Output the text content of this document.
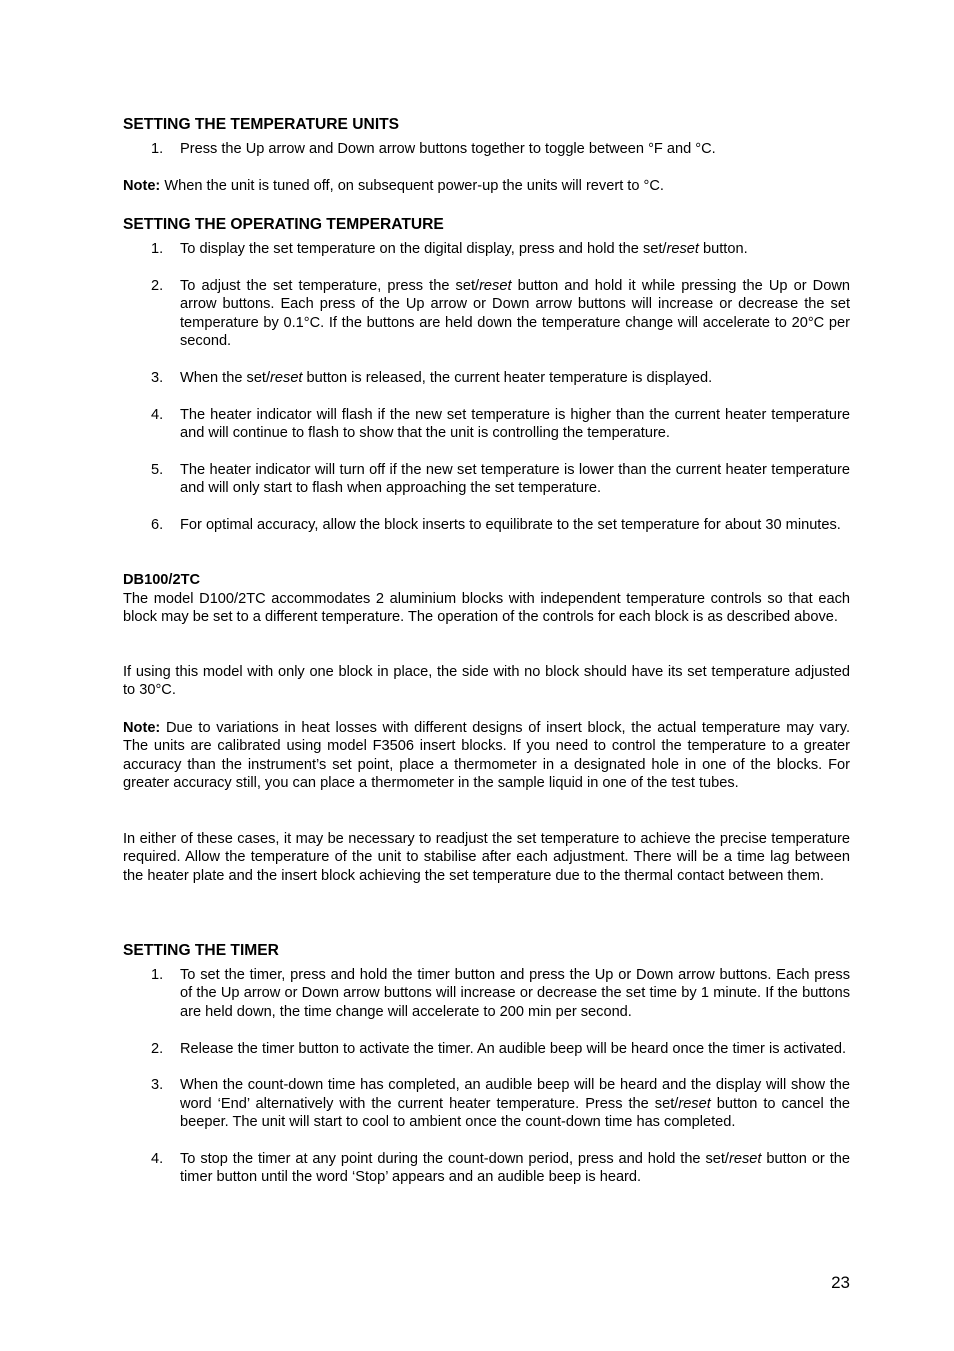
SETTING THE TEMPERATURE UNITS
1. Press the Up arrow and Down arrow buttons together to toggle between °F and °C.

Note: When the unit is tuned off, on subsequent power-up the units will revert to °C.

SETTING THE OPERATING TEMPERATURE
1. To display the set temperature on the digital display, press and hold the set/reset button.
2. To adjust the set temperature, press the set/reset button and hold it while pressing the Up or Down arrow buttons. Each press of the Up arrow or Down arrow buttons will increase or decrease the set temperature by 0.1°C. If the buttons are held down the temperature change will accelerate to 20°C per second.
3. When the set/reset button is released, the current heater temperature is displayed.
4. The heater indicator will flash if the new set temperature is higher than the current heater temperature and will continue to flash to show that the unit is controlling the temperature.
5. The heater indicator will turn off if the new set temperature is lower than the current heater temperature and will only start to flash when approaching the set temperature.
6. For optimal accuracy, allow the block inserts to equilibrate to the set temperature for about 30 minutes.
DB100/2TC

The model D100/2TC accommodates 2 aluminium blocks with independent temperature controls so that each block may be set to a different temperature. The operation of the controls for each block is as described above.

If using this model with only one block in place, the side with no block should have its set temperature adjusted to 30°C.

Note: Due to variations in heat losses with different designs of insert block, the actual temperature may vary. The units are calibrated using model F3506 insert blocks. If you need to control the temperature to a greater accuracy than the instrument’s set point, place a thermometer in a designated hole in one of the blocks. For greater accuracy still, you can place a thermometer in the sample liquid in one of the test tubes.

In either of these cases, it may be necessary to readjust the set temperature to achieve the precise temperature required. Allow the temperature of the unit to stabilise after each adjustment. There will be a time lag between the heater plate and the insert block achieving the set temperature due to the thermal contact between them.

SETTING THE TIMER
1. To set the timer, press and hold the timer button and press the Up or Down arrow buttons. Each press of the Up arrow or Down arrow buttons will increase or decrease the set time by 1 minute. If the buttons are held down, the time change will accelerate to 200 min per second.
2. Release the timer button to activate the timer. An audible beep will be heard once the timer is activated.
3. When the count-down time has completed, an audible beep will be heard and the display will show the word ‘End’ alternatively with the current heater temperature. Press the set/reset button to cancel the beeper. The unit will start to cool to ambient once the count-down time has completed.
4. To stop the timer at any point during the count-down period, press and hold the set/reset button or the timer button until the word ‘Stop’ appears and an audible beep is heard.
23
